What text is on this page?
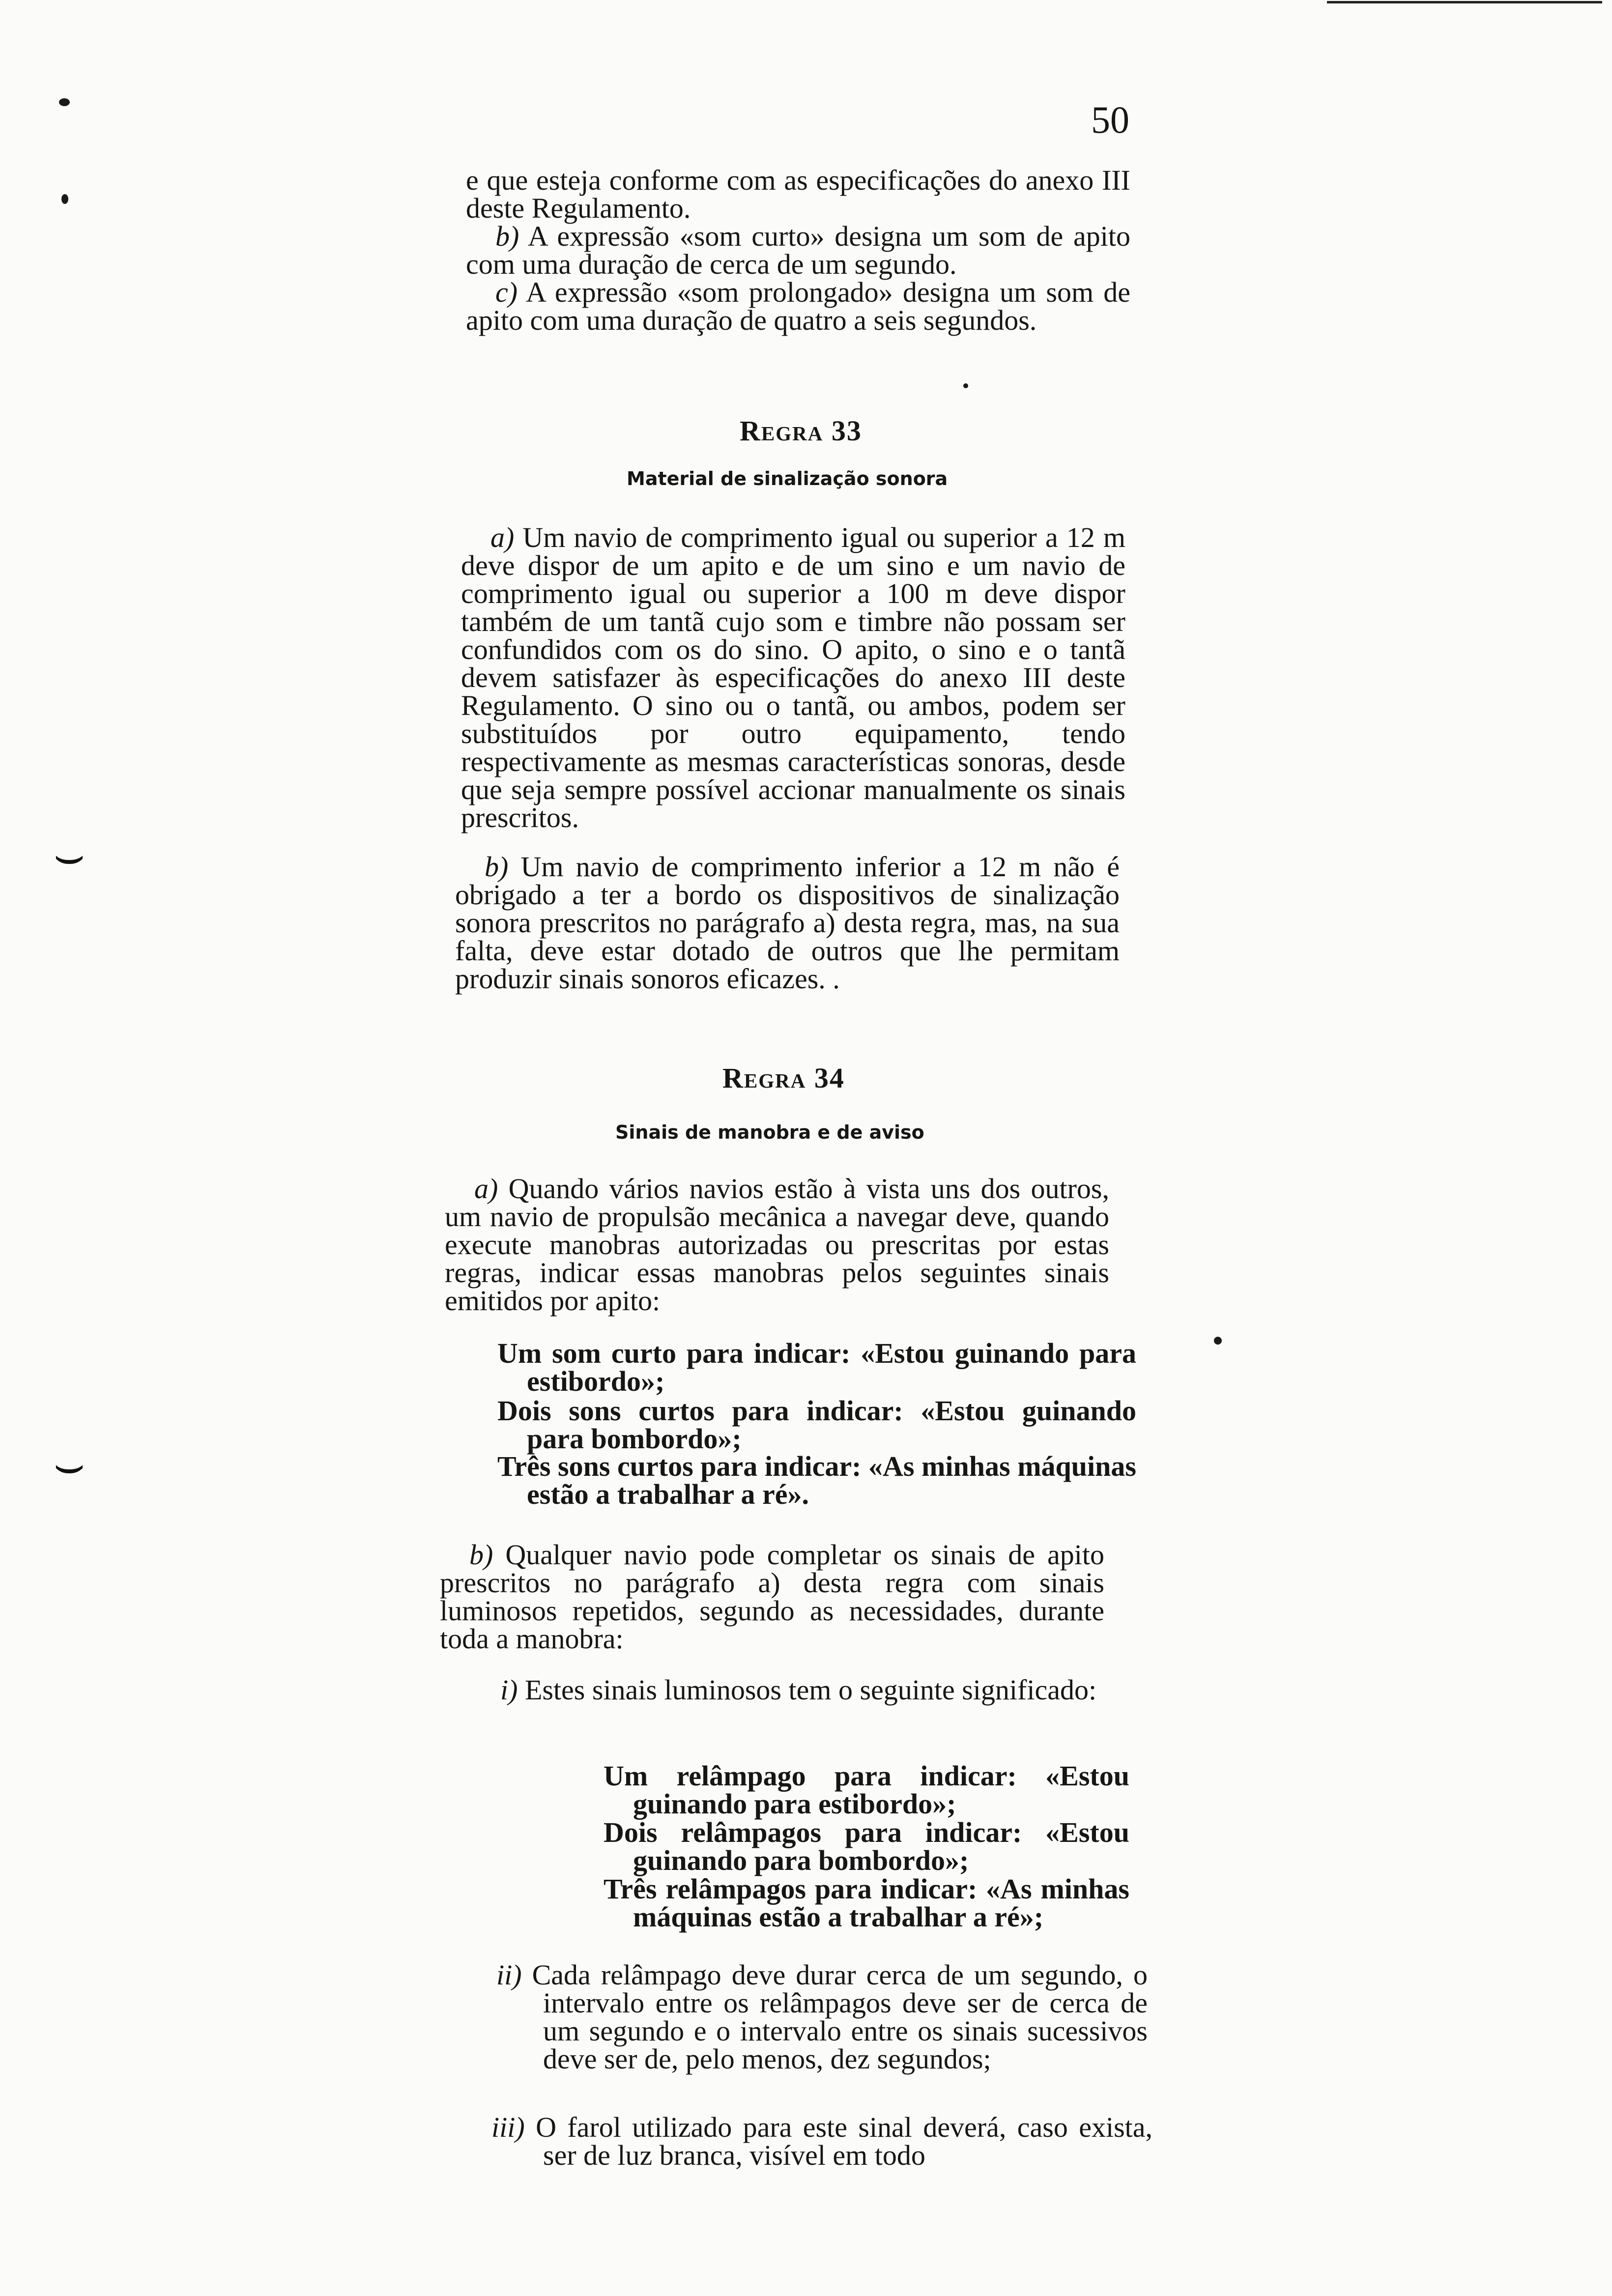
⌣
⌣
50

e que esteja conforme com as especificações do anexo III deste Regulamento.

b) A expressão «som curto» designa um som de apito com uma duração de cerca de um segundo.

c) A expressão «som prolongado» designa um som de apito com uma duração de quatro a seis segundos.

Regra 33
Material de sinalização sonora

a) Um navio de comprimento igual ou superior a 12 m deve dispor de um apito e de um sino e um navio de comprimento igual ou superior a 100 m deve dispor também de um tantã cujo som e timbre não possam ser confundidos com os do sino. O apito, o sino e o tantã devem satisfazer às especificações do anexo III deste Regulamento. O sino ou o tantã, ou ambos, podem ser substituídos por outro equipamento, tendo respectivamente as mesmas características sonoras, desde que seja sempre possível accionar manualmente os sinais prescritos.

b) Um navio de comprimento inferior a 12 m não é obrigado a ter a bordo os dispositivos de sinalização sonora prescritos no parágrafo a) desta regra, mas, na sua falta, deve estar dotado de outros que lhe permitam produzir sinais sonoros eficazes. .

Regra 34
Sinais de manobra e de aviso

a) Quando vários navios estão à vista uns dos outros, um navio de propulsão mecânica a navegar deve, quando execute manobras autorizadas ou prescritas por estas regras, indicar essas manobras pelos seguintes sinais emitidos por apito:

Um som curto para indicar: «Estou guinando para estibordo»;

Dois sons curtos para indicar: «Estou guinando para bombordo»;

Três sons curtos para indicar: «As minhas máquinas estão a trabalhar a ré».

b) Qualquer navio pode completar os sinais de apito prescritos no parágrafo a) desta regra com sinais luminosos repetidos, segundo as necessidades, durante toda a manobra:

i) Estes sinais luminosos tem o seguinte significado:

Um relâmpago para indicar: «Estou guinando para estibordo»;

Dois relâmpagos para indicar: «Estou guinando para bombordo»;

Três relâmpagos para indicar: «As minhas máquinas estão a trabalhar a ré»;

ii) Cada relâmpago deve durar cerca de um segundo, o intervalo entre os relâmpagos deve ser de cerca de um segundo e o intervalo entre os sinais sucessivos deve ser de, pelo menos, dez segundos;

iii) O farol utilizado para este sinal deverá, caso exista, ser de luz branca, visível em todo
